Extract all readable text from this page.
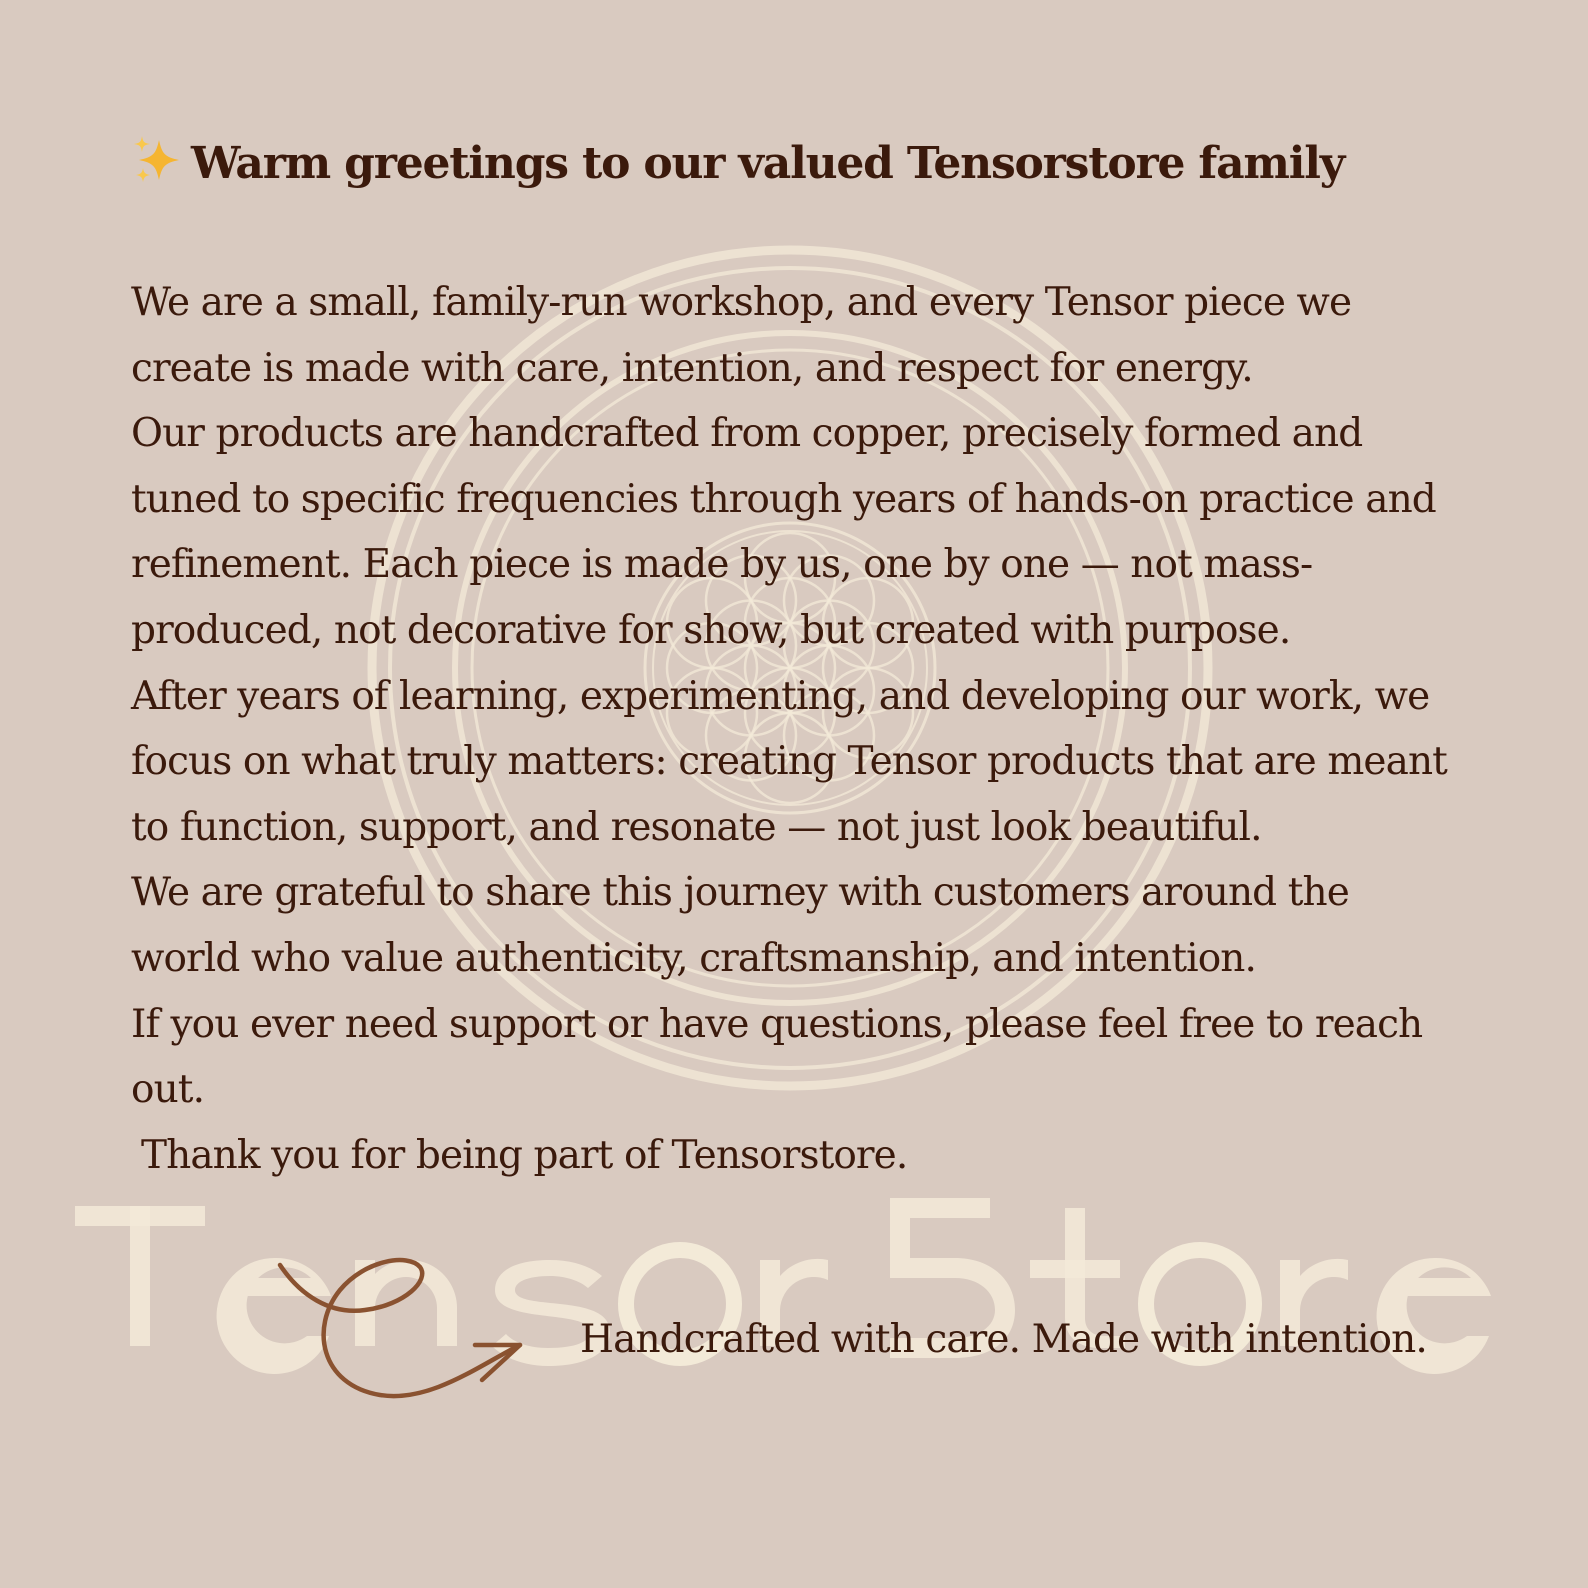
Warm greetings to our valued Tensorstore family

We are a small, family-run workshop, and every Tensor piece we create is made with care, intention, and respect for energy.

Our products are handcrafted from copper, precisely formed and tuned to specific frequencies through years of hands-on practice and refinement. Each piece is made by us, one by one — not mass-produced, not decorative for show, but created with purpose.

After years of learning, experimenting, and developing our work, we focus on what truly matters: creating Tensor products that are meant to function, support, and resonate — not just look beautiful.

We are grateful to share this journey with customers around the world who value authenticity, craftsmanship, and intention.

If you ever need support or have questions, please feel free to reach out.

Thank you for being part of Tensorstore.

Handcrafted with care. Made with intention.
